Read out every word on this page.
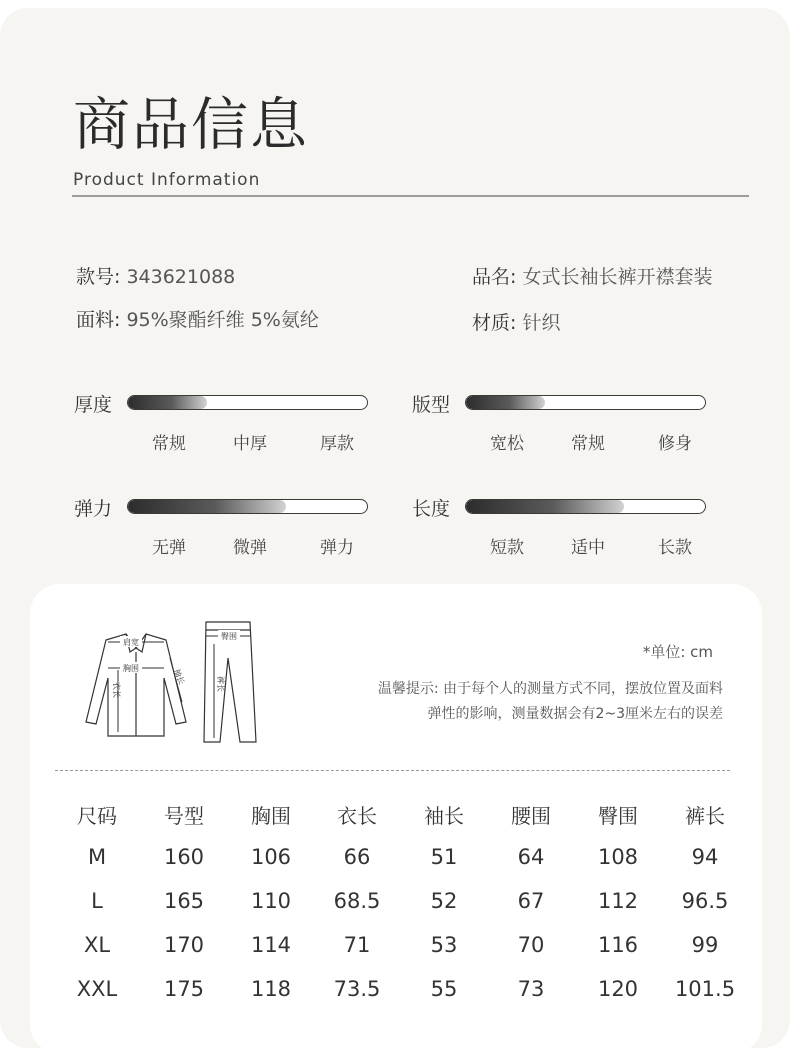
商品信息
Product Information
款号: 343621088
面料: 95%聚酯纤维 5%氨纶
品名: 女式长袖长裤开襟套装
材质: 针织
厚度
常规	中厚	厚款
版型
宽松	常规	修身
弹力
无弹	微弹	弹力
长度
短款	适中	长款
肩宽
胸围
衣长
袖长
臀围
裤长
*单位: cm
温馨提示: 由于每个人的测量方式不同，摆放位置及面料
弹性的影响，测量数据会有2~3厘米左右的误差
尺码	号型	胸围	衣长	袖长	腰围	臀围	裤长
M	160	106	66	51	64	108	94
L	165	110	68.5	52	67	112	96.5
XL	170	114	71	53	70	116	99
XXL	175	118	73.5	55	73	120	101.5
